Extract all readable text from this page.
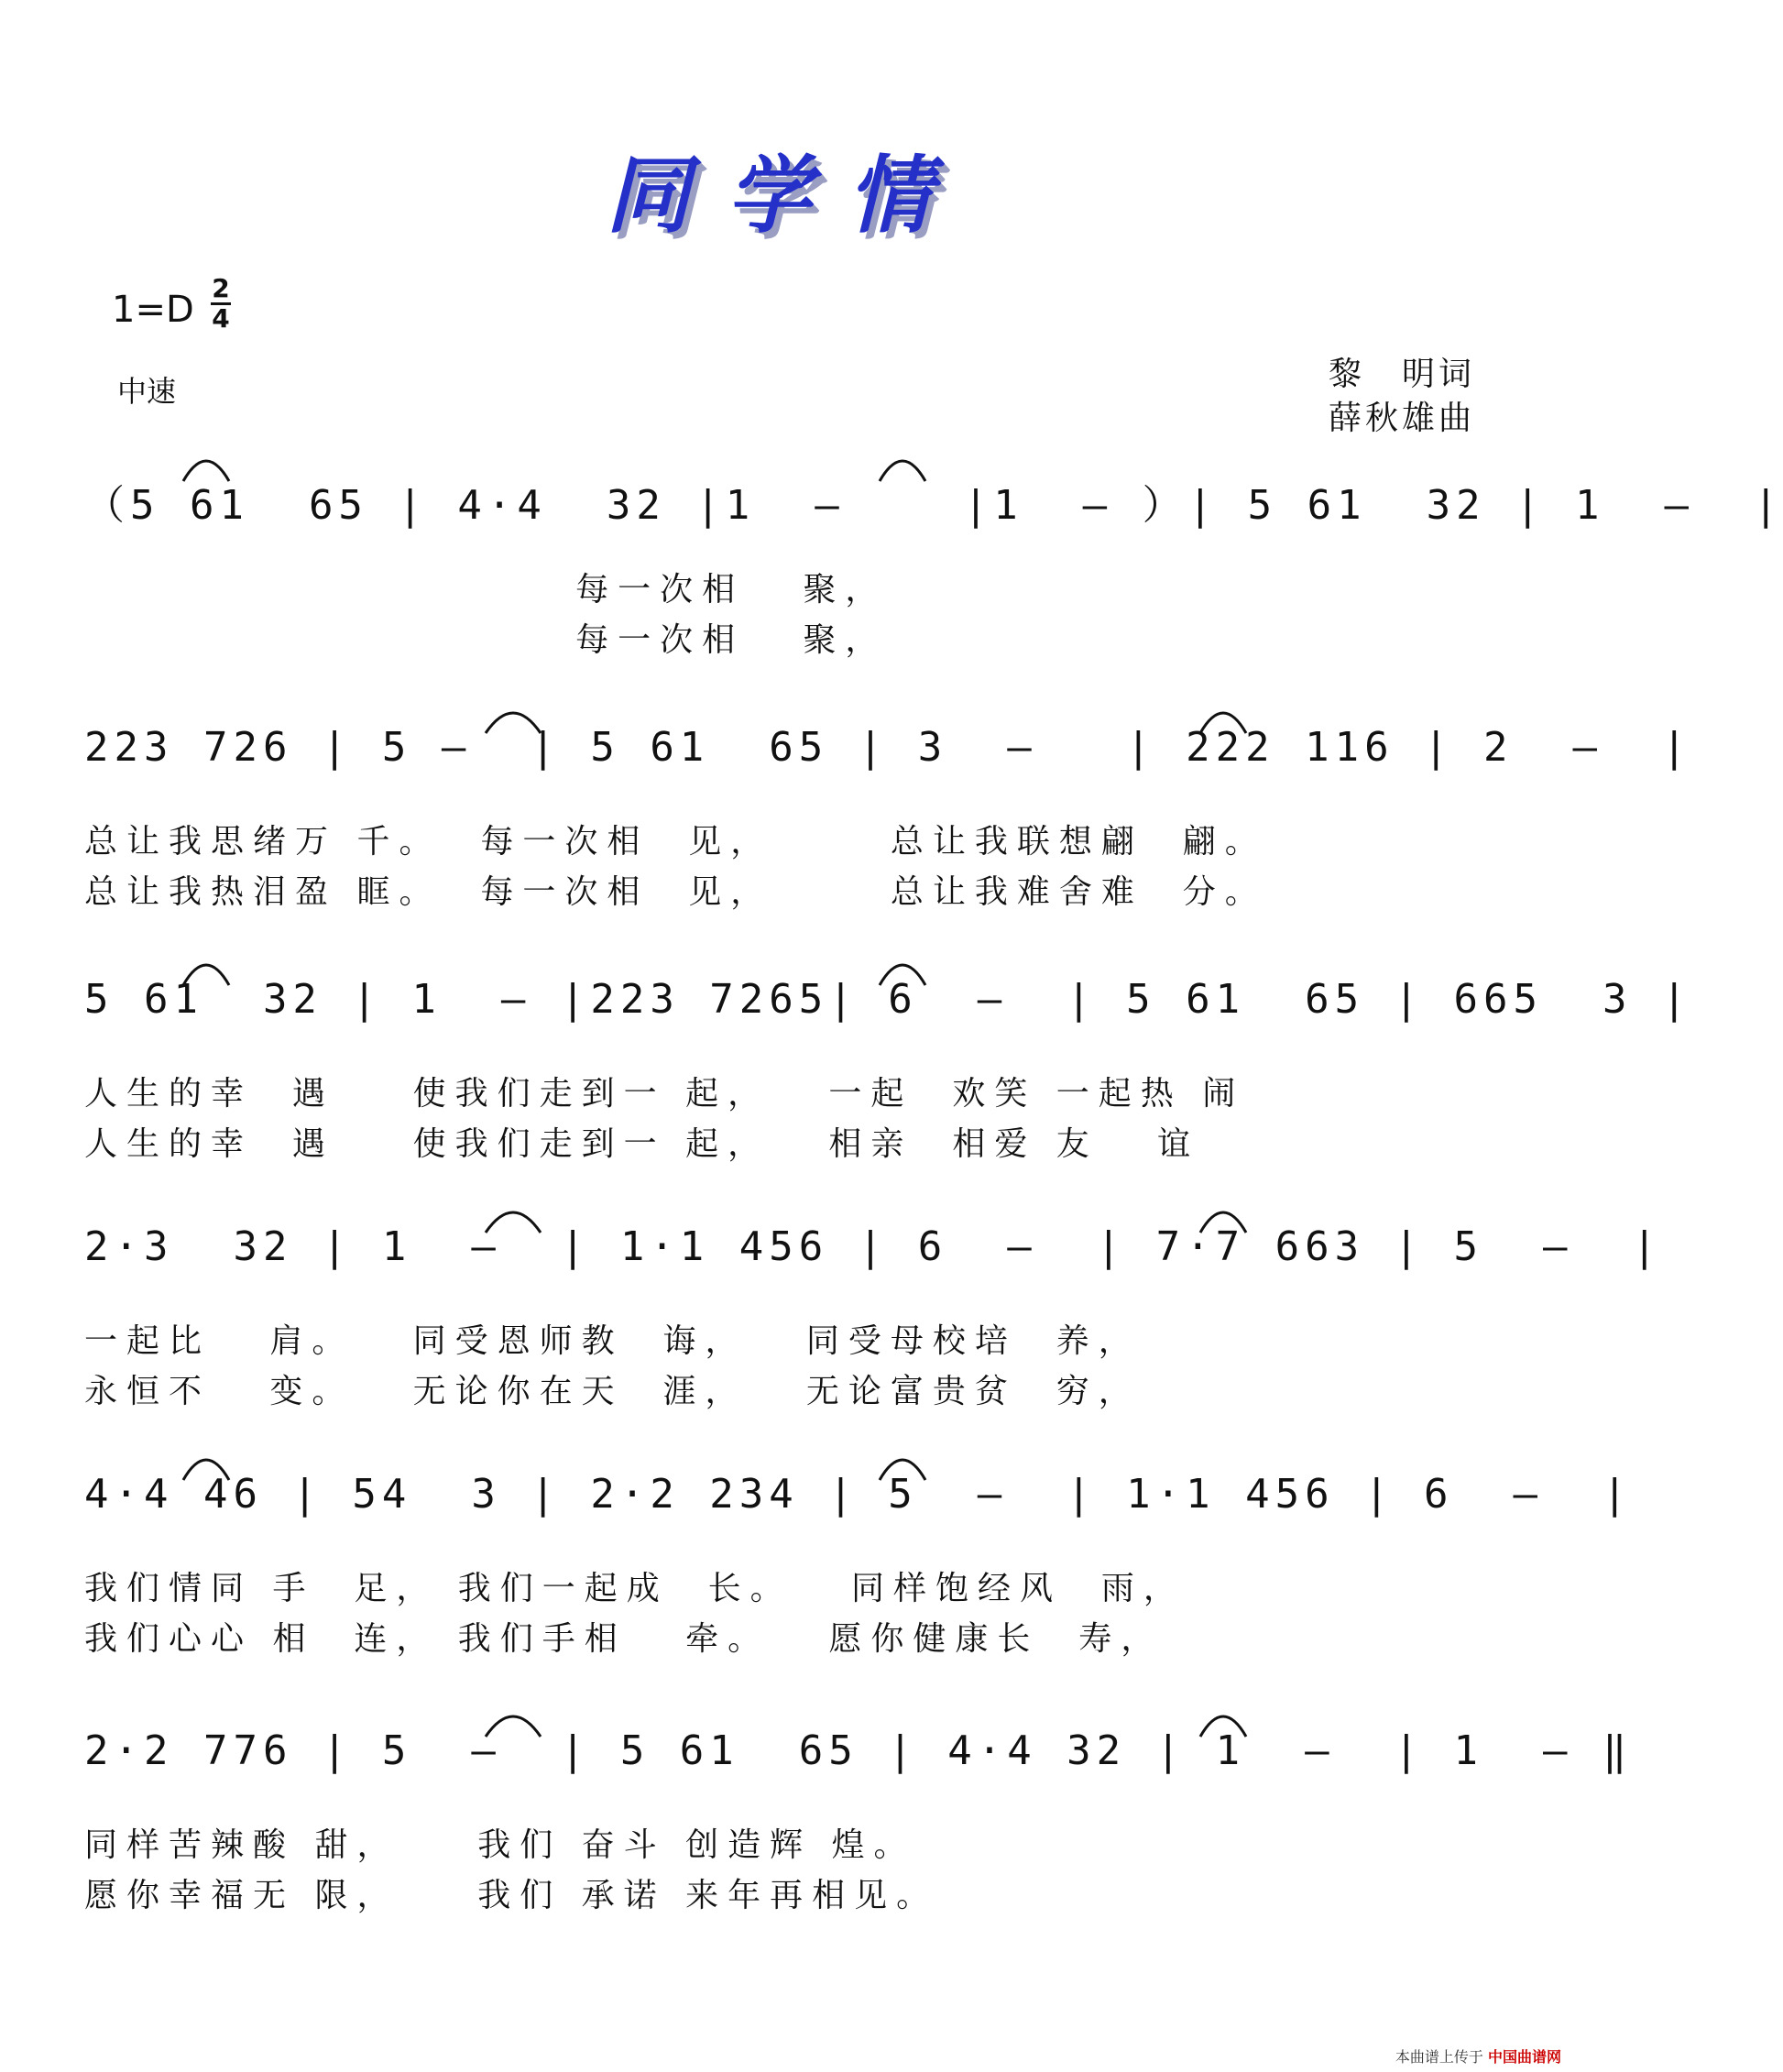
同学情
1=D
2
4
中速	黎　明词
薛秋雄曲
（5 61  65 | 4·4  32 |1  —    |1  — ）| 5 61  32 | 1  —  |
每一次相   聚，
每一次相   聚，
223 726 | 5 —  | 5 61  65 | 3  —   | 222 116 | 2  —  |
总让我思绪万 千。  每一次相  见，      总让我联想翩  翩。
总让我热泪盈 眶。  每一次相  见，      总让我难舍难  分。
5 61  32 | 1  — |223 7265| 6  —  | 5 61  65 | 665  3 |
人生的幸  遇    使我们走到一 起，   一起  欢笑 一起热 闹
人生的幸  遇    使我们走到一 起，   相亲  相爱 友   谊
2·3  32 | 1  —  | 1·1 456 | 6  —  | 7·7 663 | 5  —  |
一起比   肩。   同受恩师教  诲，   同受母校培  养，
永恒不   变。   无论你在天  涯，   无论富贵贫  穷，
4·4 46 | 54  3 | 2·2 234 | 5  —  | 1·1 456 | 6  —  |
我们情同 手  足， 我们一起成  长。   同样饱经风  雨，
我们心心 相  连， 我们手相   牵。   愿你健康长  寿，
2·2 776 | 5  —  | 5 61  65 | 4·4 32 | 1  —  | 1  — ‖
同样苦辣酸 甜，    我们 奋斗 创造辉 煌。
愿你幸福无 限，    我们 承诺 来年再相见。
本曲谱上传于 中国曲谱网
